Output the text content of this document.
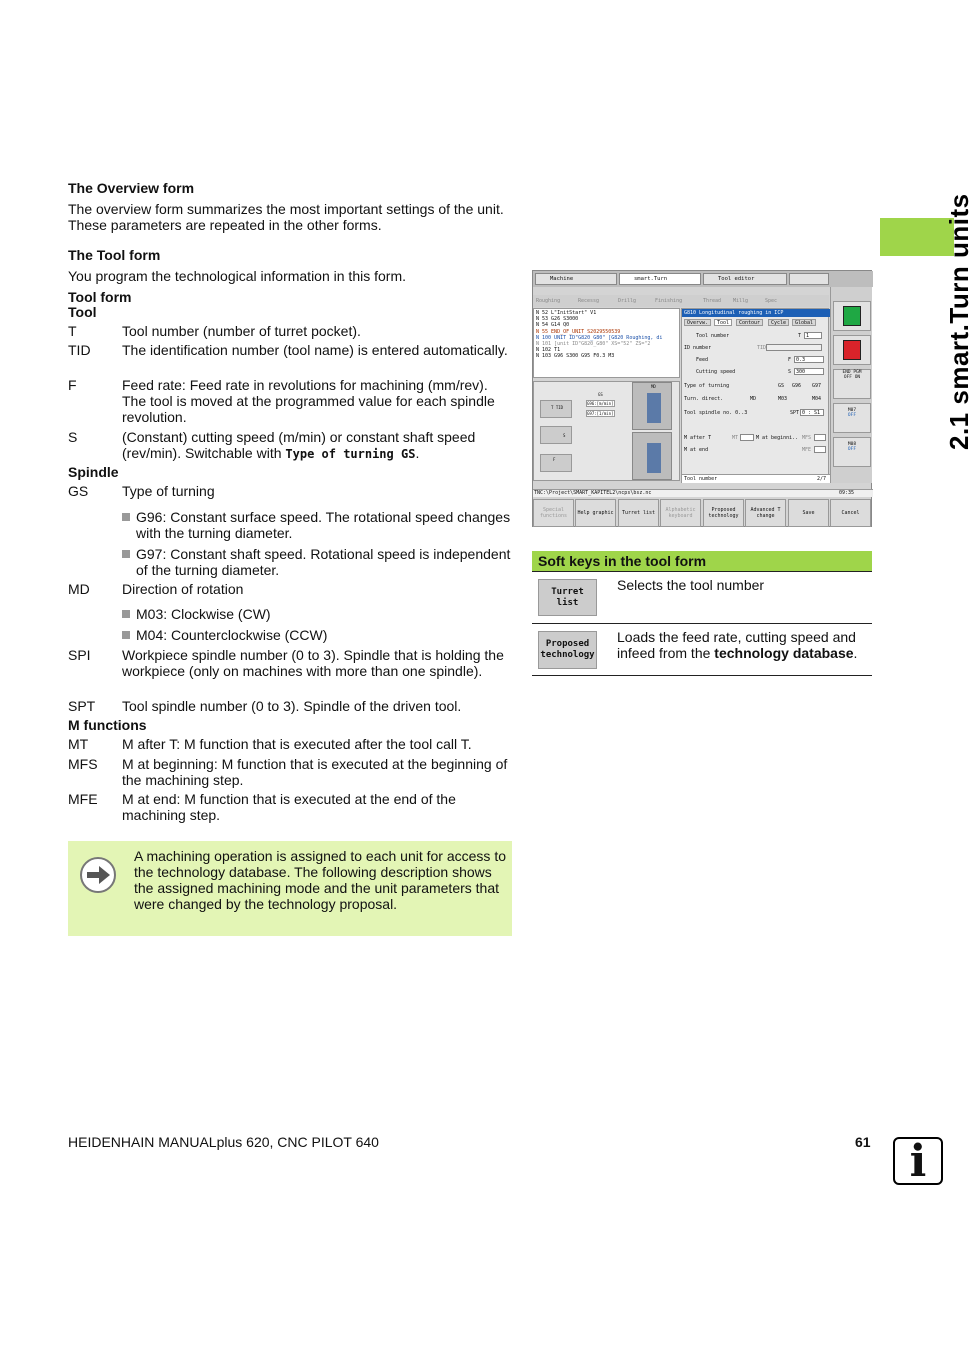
2.1 smart.Turn units
The Overview form
The overview form summarizes the most important settings of the unit. These parameters are repeated in the other forms.
The Tool form
You program the technological information in this form.
Tool form
Tool
T	Tool number (number of turret pocket).
TID The identification number (tool name) is entered automatically.
F	Feed rate: Feed rate in revolutions for machining (mm/rev). The tool is moved at the programmed value for each spindle revolution.
S	(Constant) cutting speed (m/min) or constant shaft speed (rev/min). Switchable with Type of turning GS.
Spindle
GS Type of turning
G96: Constant surface speed. The rotational speed changes with the turning diameter.
G97: Constant shaft speed. Rotational speed is independent of the turning diameter.
MD Direction of rotation
M03: Clockwise (CW)
M04: Counterclockwise (CCW)
SPI Workpiece spindle number (0 to 3). Spindle that is holding the workpiece (only on machines with more than one spindle).
SPT Tool spindle number (0 to 3). Spindle of the driven tool.
M functions
MT M after T: M function that is executed after the tool call T.
MFS M at beginning: M function that is executed at the beginning of the machining step.
MFE M at end: M function that is executed at the end of the machining step.
A machining operation is assigned to each unit for access to the technology database. The following description shows the assigned machining mode and the unit parameters that were changed by the technology proposal.
Machine	smart.Turn	Tool editor
Roughing	Recessg	Drillg	Finishing	Thread Millg	Spec
N 52 L"InitStart" V1
N 53 G26 S3000
N 54 G14 Q0
N 55 END_OF_UNIT S2029550539
N 100 UNIT ID"G820_G80" [G820 Roughing, di
N 101 [unit ID"G820_G80" XS="52" ZS="2
N 102 T1
N 103 G96 S300 G95 F0.3 M3
T TID
S
F
GS
G96:[m/min]
G97:[1/min]
MD
G810 Longitudinal roughing in ICP
Overvw.	Tool	Contour	Cycle	Global
Tool number	T 1
ID number	TID
Feed	F 0.3
Cutting speed	S 300
Type of turning	GS G96 G97
Turn. direct.	MD	M03	M04
Tool spindle no. 0..3	SPT 0 : S1
M after T	MT	M at beginni.. MFS
M at end	MFE
Tool number	2/7
END PGM
OFF ON
M07
OFF
M08
OFF
TNC:\Project\SMART_KAPITEL2\ncps\bsz.nc	09:35
Special functions	Help graphic	Turret list	Alphabetic keyboard
Proposed technology
Advanced T change	Save	Cancel
Soft keys in the tool form
Turret list
Selects the tool number
Proposed technology
Loads the feed rate, cutting speed and infeed from the technology database.
HEIDENHAIN MANUALplus 620, CNC PILOT 640	61 i
